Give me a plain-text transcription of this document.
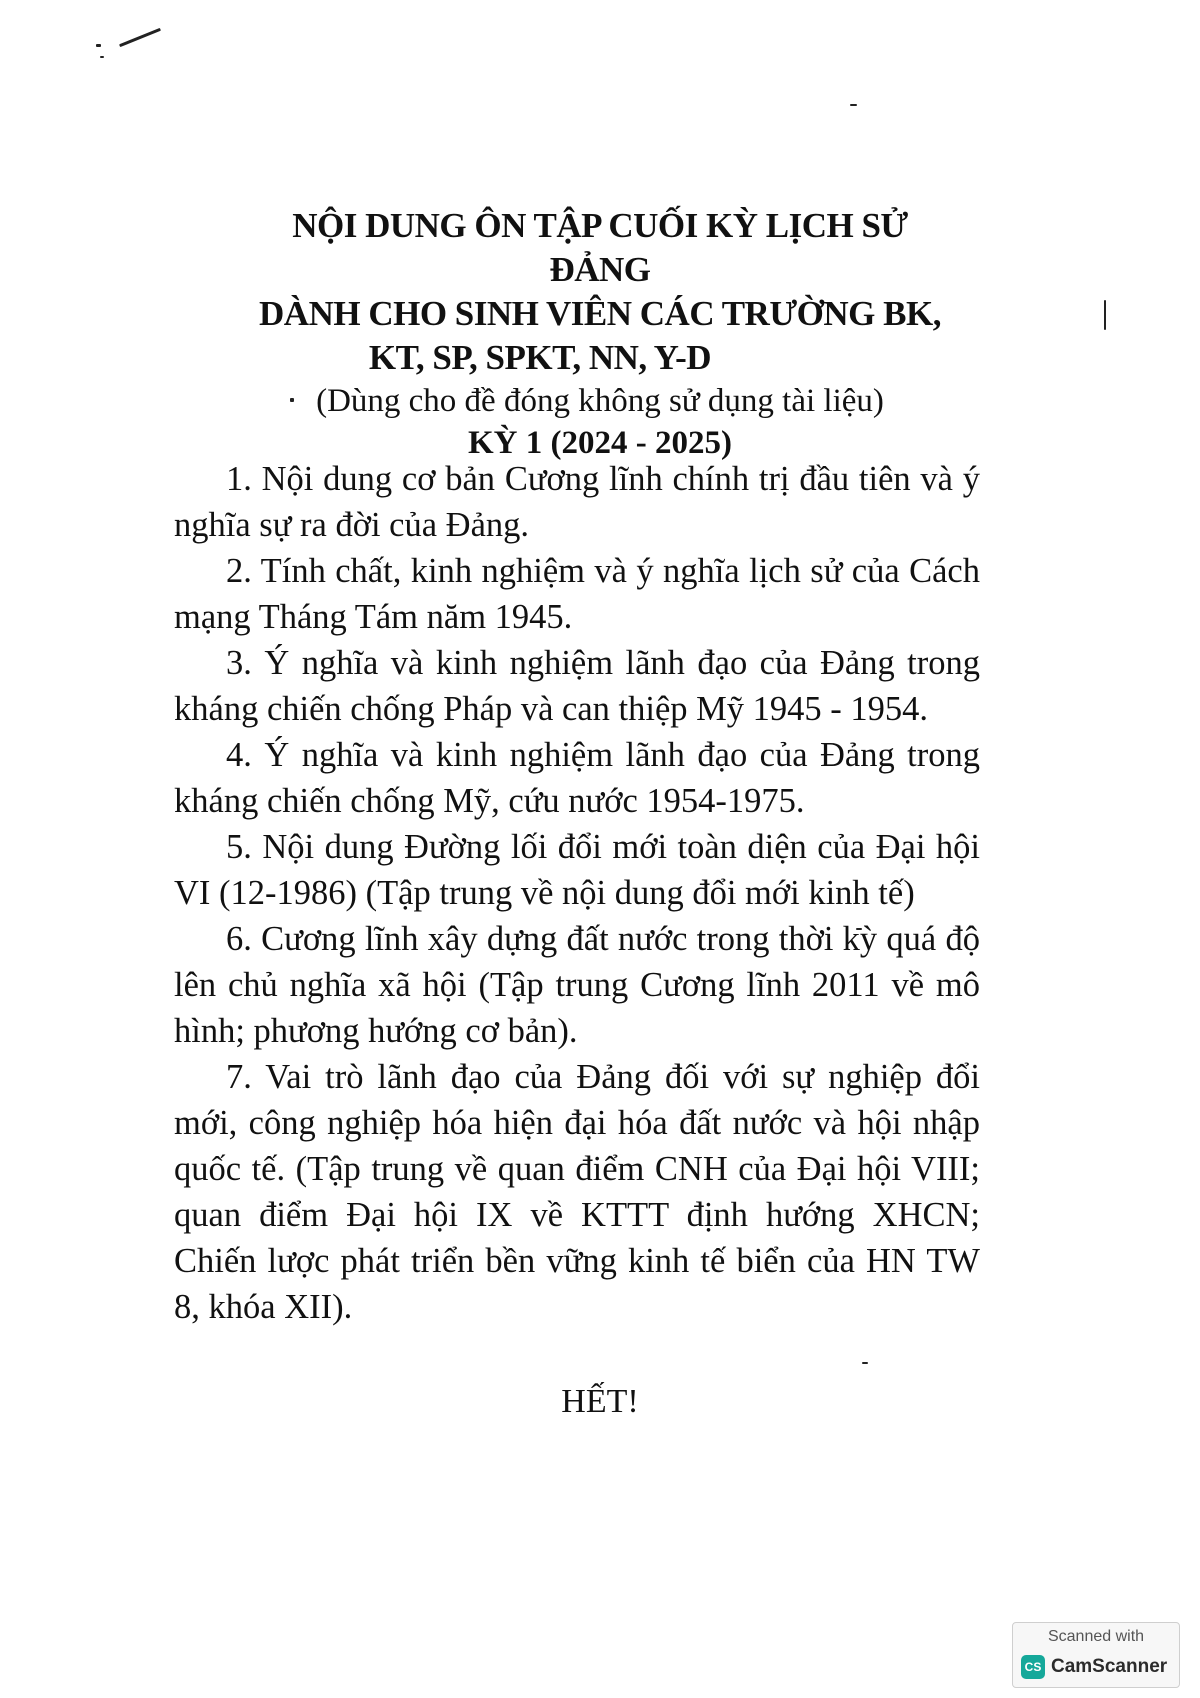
NỘI DUNG ÔN TẬP CUỐI KỲ LỊCH SỬ
ĐẢNG
DÀNH CHO SINH VIÊN CÁC TRƯỜNG BK,
KT, SP, SPKT, NN, Y-D
(Dùng cho đề đóng không sử dụng tài liệu)
KỲ 1 (2024 - 2025)

1. Nội dung cơ bản Cương lĩnh chính trị đầu tiên và ý nghĩa sự ra đời của Đảng.

2. Tính chất, kinh nghiệm và ý nghĩa lịch sử của Cách mạng Tháng Tám năm 1945.

3. Ý nghĩa và kinh nghiệm lãnh đạo của Đảng trong kháng chiến chống Pháp và can thiệp Mỹ 1945 - 1954.

4. Ý nghĩa và kinh nghiệm lãnh đạo của Đảng trong kháng chiến chống Mỹ, cứu nước 1954-1975.

5. Nội dung Đường lối đổi mới toàn diện của Đại hội VI (12-1986) (Tập trung về nội dung đổi mới kinh tế)

6. Cương lĩnh xây dựng đất nước trong thời kỳ quá độ lên chủ nghĩa xã hội (Tập trung Cương lĩnh 2011 về mô hình; phương hướng cơ bản).

7. Vai trò lãnh đạo của Đảng đối với sự nghiệp đổi mới, công nghiệp hóa hiện đại hóa đất nước và hội nhập quốc tế. (Tập trung về quan điểm CNH của Đại hội VIII; quan điểm Đại hội IX về KTTT định hướng XHCN; Chiến lược phát triển bền vững kinh tế biển của HN TW 8, khóa XII).

HẾT!
Scanned with
CS CamScanner
